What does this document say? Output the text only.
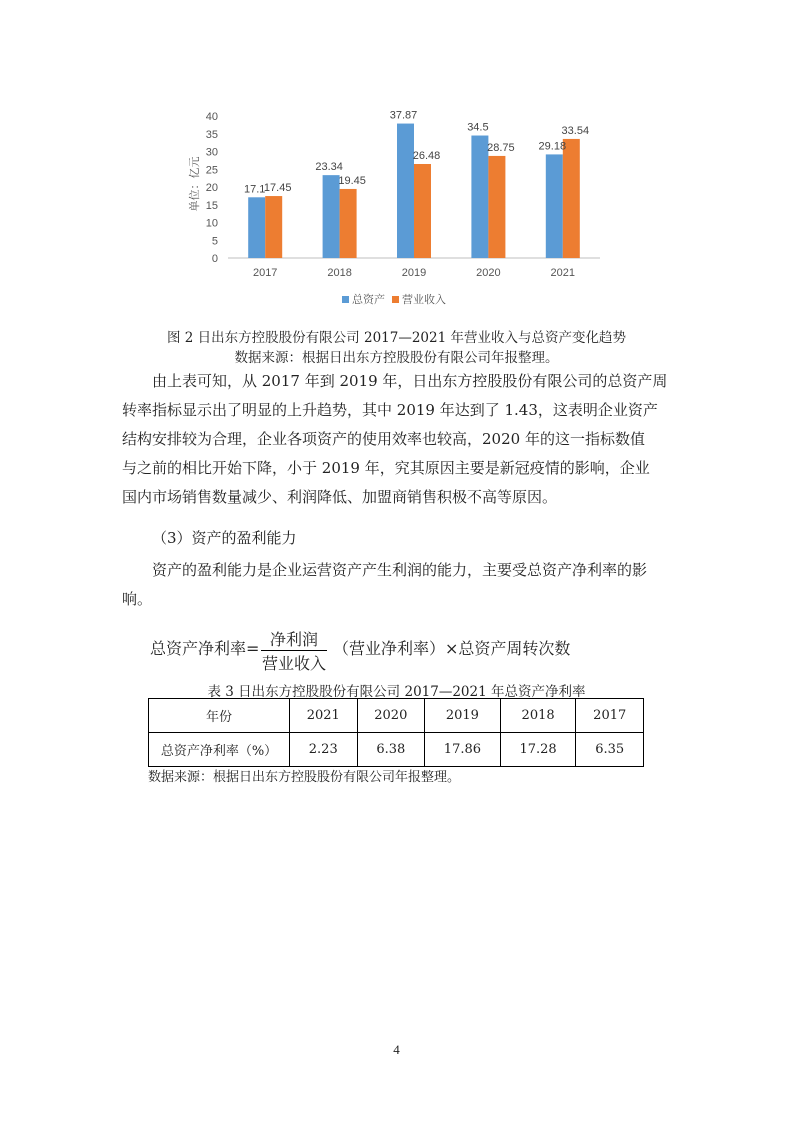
0
5
10
15
20
25
30
35
40
单位：亿元	17.1
17.45
23.34
19.45
37.87
26.48
34.5
28.75 29.18
33.54
2017	2018	2019	2020	2021
总资产 营业收入
图 2 日出东方控股股份有限公司 2017—2021 年营业收入与总资产变化趋势
数据来源：根据日出东方控股股份有限公司年报整理。
由上表可知，从 2017 年到 2019 年，日出东方控股股份有限公司的总资产周
转率指标显示出了明显的上升趋势，其中 2019 年达到了 1.43，这表明企业资产
结构安排较为合理，企业各项资产的使用效率也较高，2020 年的这一指标数值
与之前的相比开始下降，小于 2019 年，究其原因主要是新冠疫情的影响，企业
国内市场销售数量减少、利润降低、加盟商销售积极不高等原因。
（3）资产的盈利能力
资产的盈利能力是企业运营资产产生利润的能力，主要受总资产净利率的影
响。
总资产净利率= 净利润
营业收入
（营业净利率）×总资产周转次数
表 3 日出东方控股股份有限公司 2017—2021 年总资产净利率
年份	2021	2020	2019	2018	2017
总资产净利率（%）	2.23	6.38	17.86	17.28	6.35
数据来源：根据日出东方控股股份有限公司年报整理。
4
